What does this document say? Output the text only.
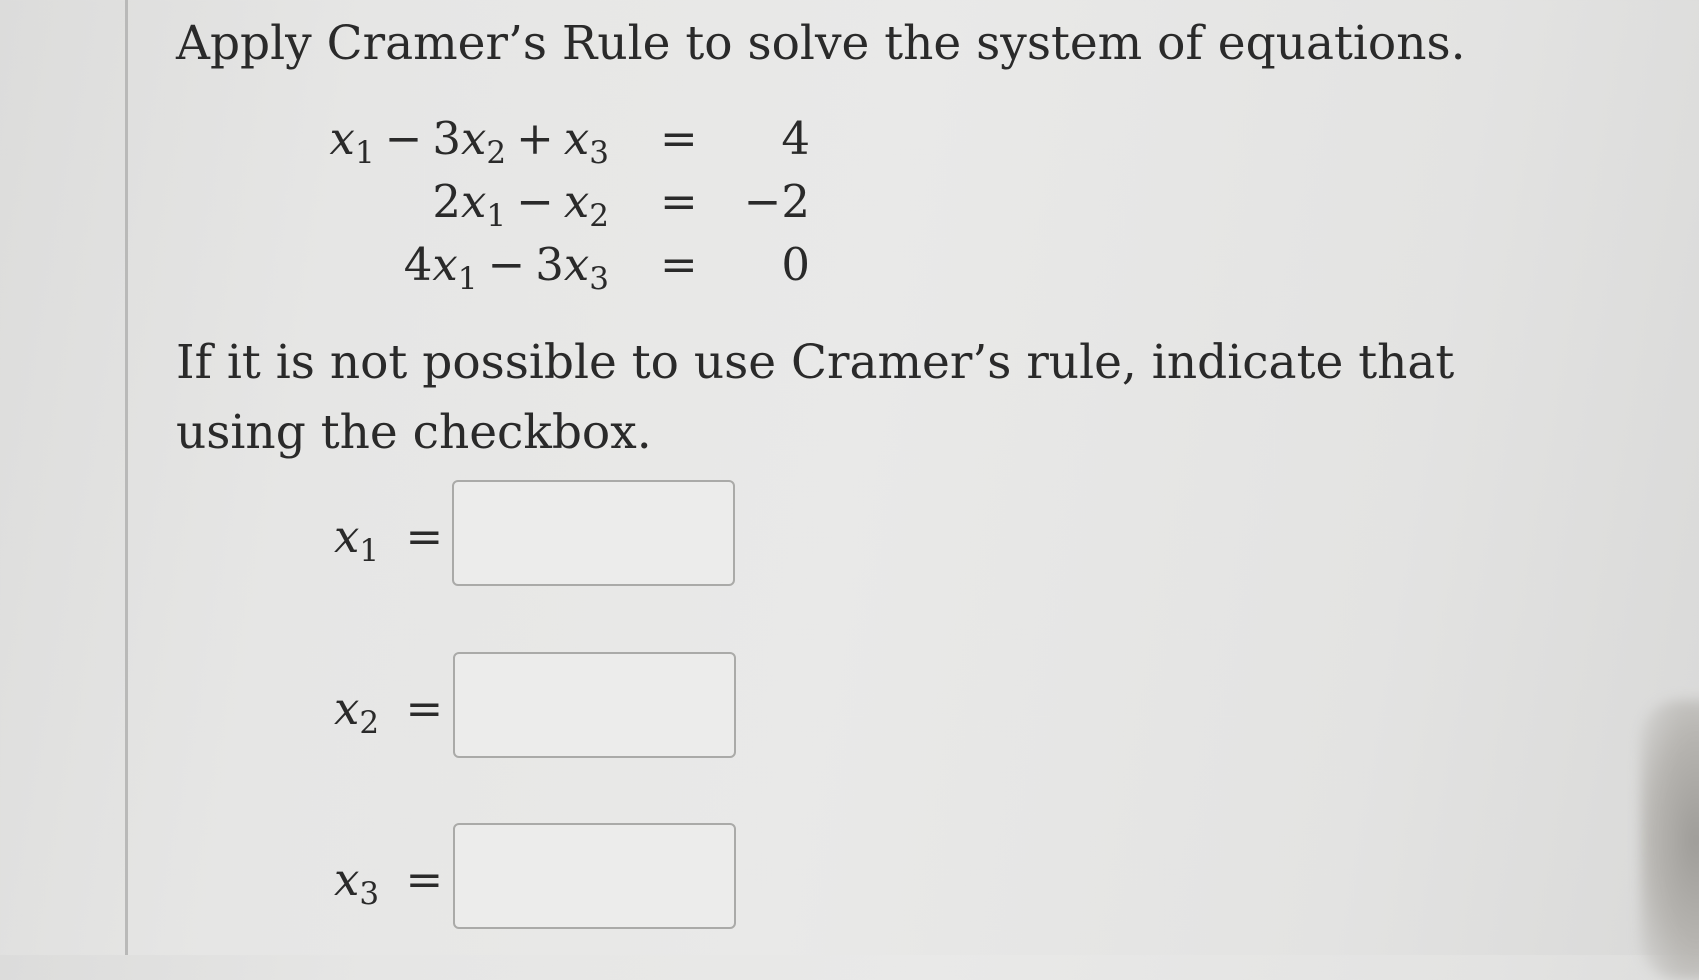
Apply Cramer’s Rule to solve the system of equations.
$x_1 - 3x_2 + x_3 = 4$
$2x_1 - x_2 = -2$
$4x_1 - 3x_3 = 0$
If it is not possible to use Cramer’s rule, indicate that using the checkbox.
$x_1$ =
$x_2$ =
$x_3$ =
